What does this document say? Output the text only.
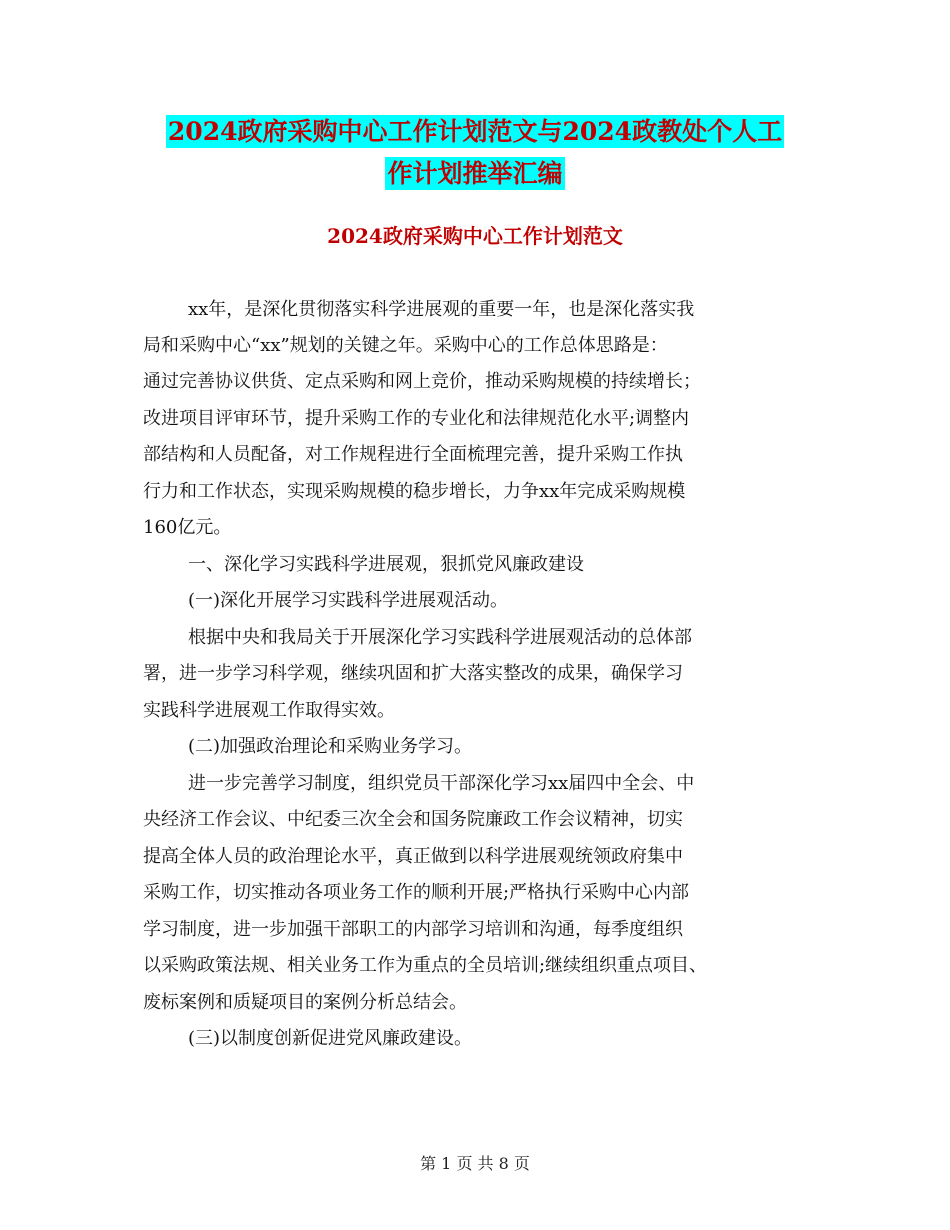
2024政府采购中心工作计划范文与2024政教处个人工
作计划推举汇编
2024政府采购中心工作计划范文
xx年，是深化贯彻落实科学进展观的重要一年，也是深化落实我
局和采购中心“xx”规划的关键之年。采购中心的工作总体思路是：
通过完善协议供货、定点采购和网上竞价，推动采购规模的持续增长；
改进项目评审环节，提升采购工作的专业化和法律规范化水平;调整内
部结构和人员配备，对工作规程进行全面梳理完善，提升采购工作执
行力和工作状态，实现采购规模的稳步增长，力争xx年完成采购规模
160亿元。
一、深化学习实践科学进展观，狠抓党风廉政建设
(一)深化开展学习实践科学进展观活动。
根据中央和我局关于开展深化学习实践科学进展观活动的总体部
署，进一步学习科学观，继续巩固和扩大落实整改的成果，确保学习
实践科学进展观工作取得实效。
(二)加强政治理论和采购业务学习。
进一步完善学习制度，组织党员干部深化学习xx届四中全会、中
央经济工作会议、中纪委三次全会和国务院廉政工作会议精神，切实
提高全体人员的政治理论水平，真正做到以科学进展观统领政府集中
采购工作，切实推动各项业务工作的顺利开展;严格执行采购中心内部
学习制度，进一步加强干部职工的内部学习培训和沟通，每季度组织
以采购政策法规、相关业务工作为重点的全员培训;继续组织重点项目、
废标案例和质疑项目的案例分析总结会。
(三)以制度创新促进党风廉政建设。
第 1 页 共 8 页
